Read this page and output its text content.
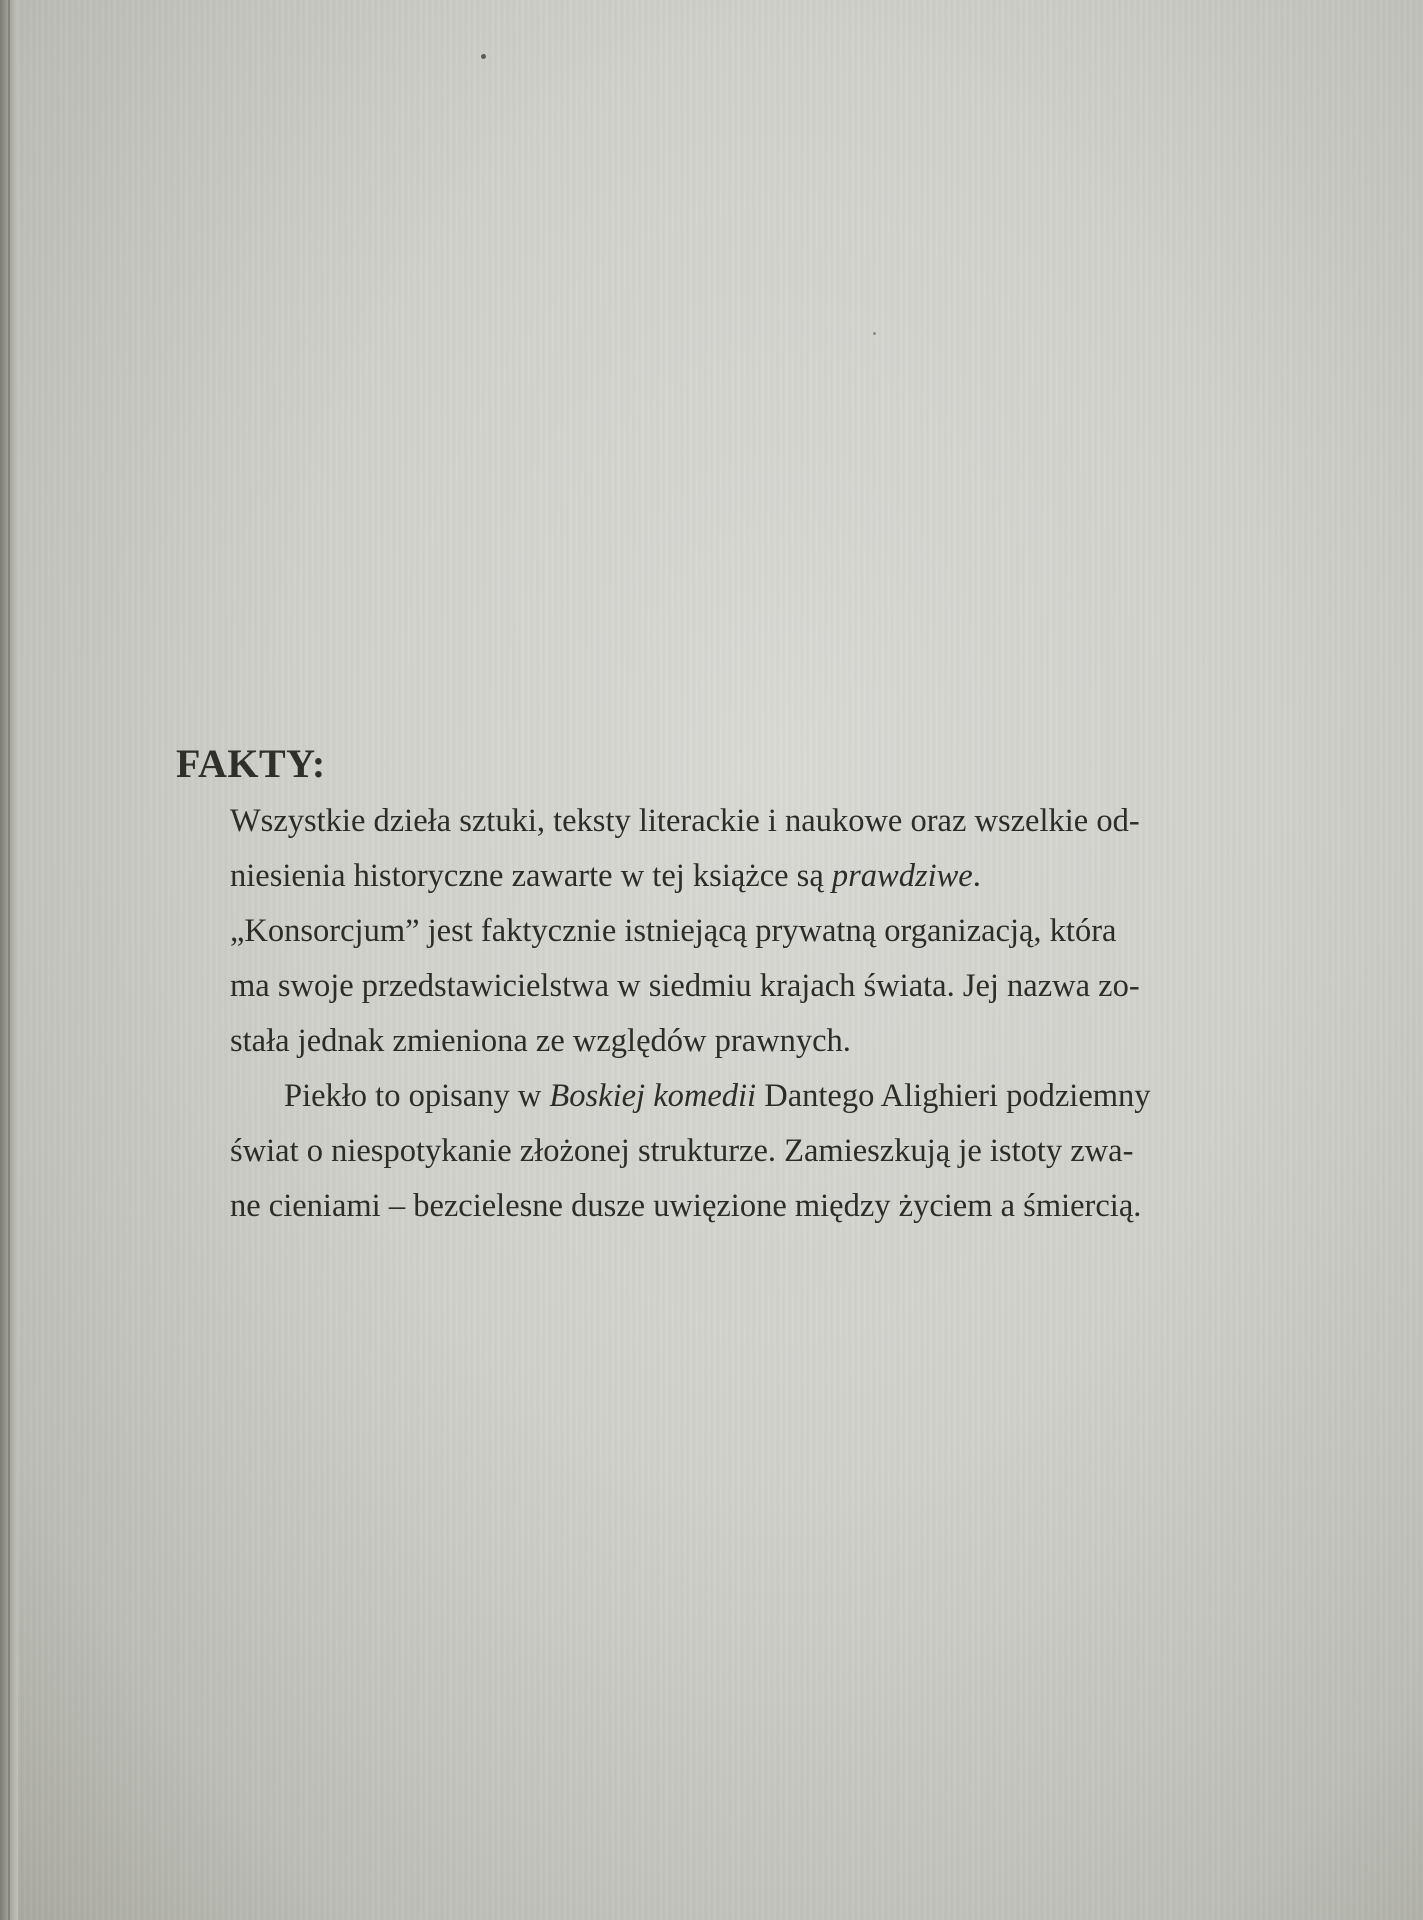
FAKTY:
Wszystkie dzieła sztuki, teksty literackie i naukowe oraz wszelkie od-
niesienia historyczne zawarte w tej książce są prawdziwe.
„Konsorcjum” jest faktycznie istniejącą prywatną organizacją, która
ma swoje przedstawicielstwa w siedmiu krajach świata. Jej nazwa zo-
stała jednak zmieniona ze względów prawnych.
Piekło to opisany w Boskiej komedii Dantego Alighieri podziemny
świat o niespotykanie złożonej strukturze. Zamieszkują je istoty zwa-
ne cieniami – bezcielesne dusze uwięzione między życiem a śmiercią.
